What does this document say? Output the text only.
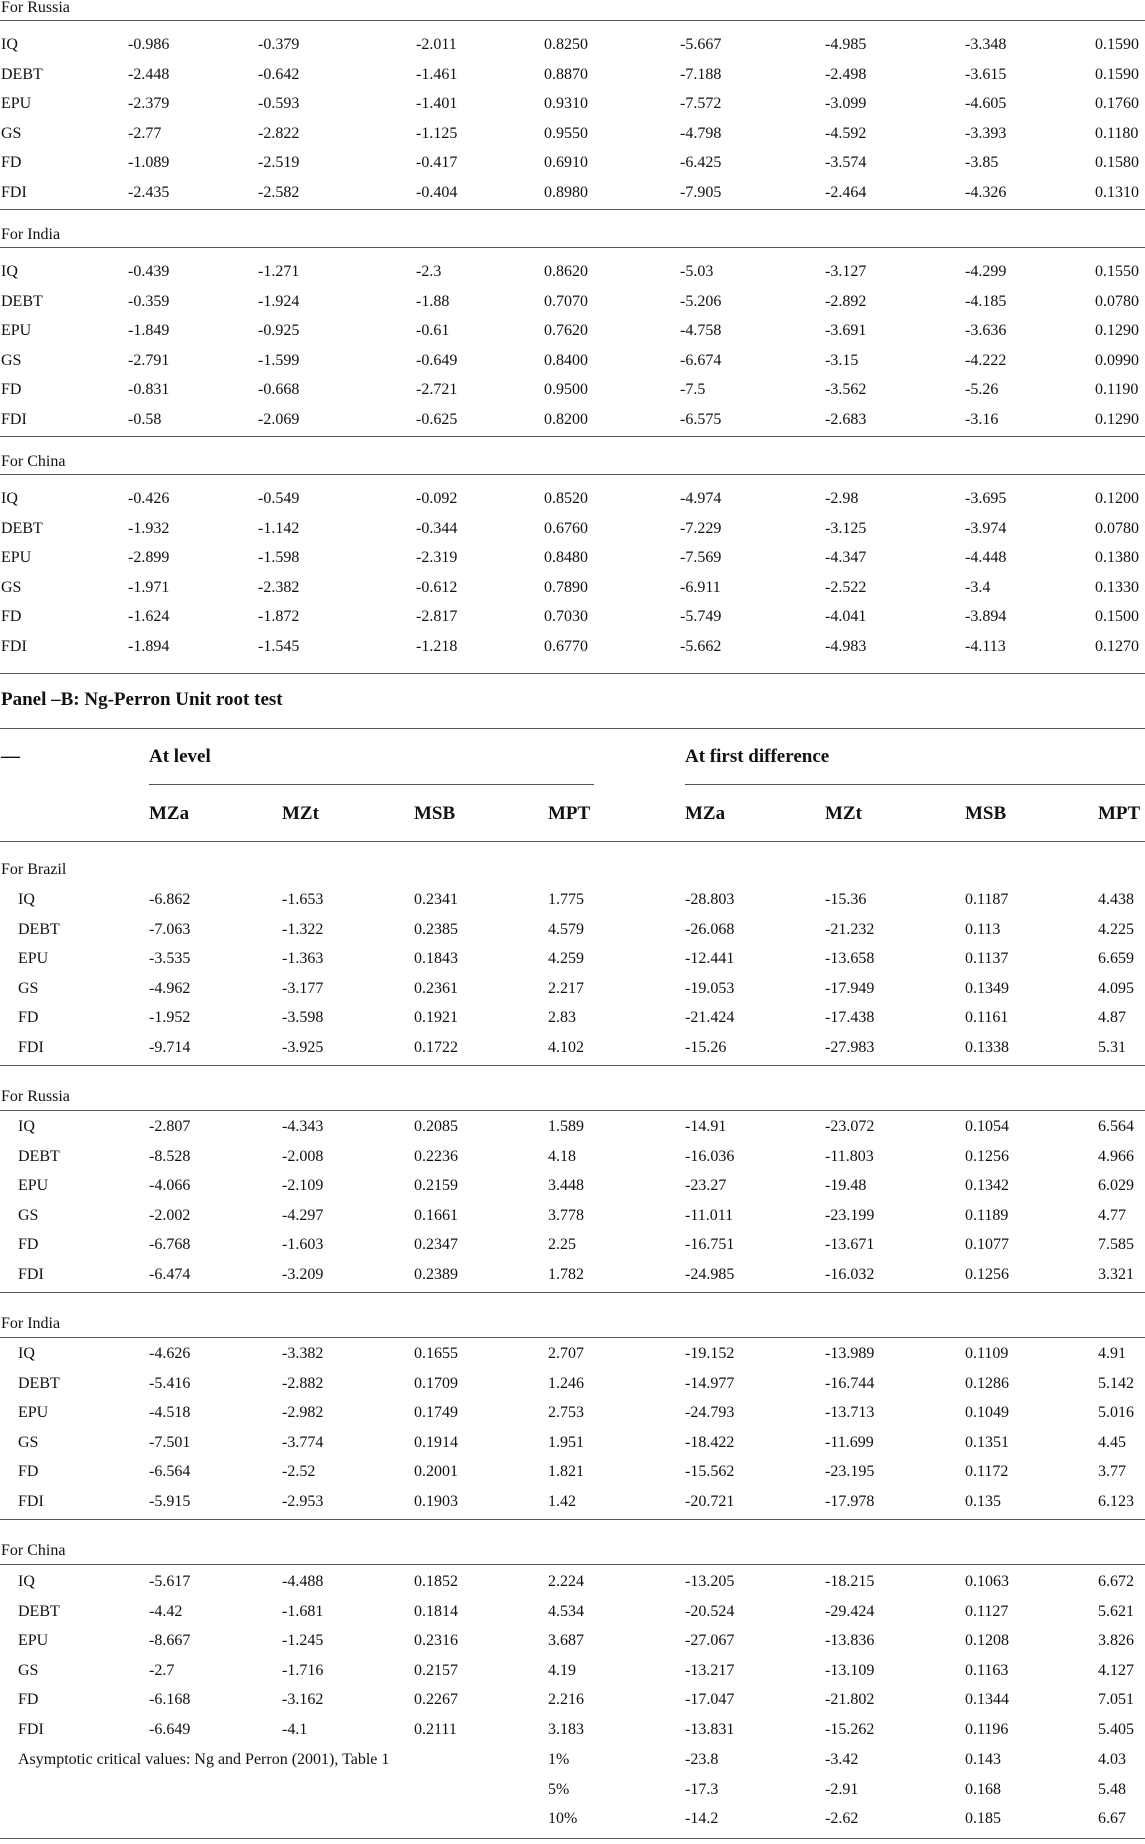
For Russia
IQ	-0.986	-0.379	-2.011	0.8250	-5.667	-4.985	-3.348	0.1590
DEBT	-2.448	-0.642	-1.461	0.8870	-7.188	-2.498	-3.615	0.1590
EPU	-2.379	-0.593	-1.401	0.9310	-7.572	-3.099	-4.605	0.1760
GS	-2.77	-2.822	-1.125	0.9550	-4.798	-4.592	-3.393	0.1180
FD	-1.089	-2.519	-0.417	0.6910	-6.425	-3.574	-3.85	0.1580
FDI	-2.435	-2.582	-0.404	0.8980	-7.905	-2.464	-4.326	0.1310
For India
IQ	-0.439	-1.271	-2.3	0.8620	-5.03	-3.127	-4.299	0.1550
DEBT	-0.359	-1.924	-1.88	0.7070	-5.206	-2.892	-4.185	0.0780
EPU	-1.849	-0.925	-0.61	0.7620	-4.758	-3.691	-3.636	0.1290
GS	-2.791	-1.599	-0.649	0.8400	-6.674	-3.15	-4.222	0.0990
FD	-0.831	-0.668	-2.721	0.9500	-7.5	-3.562	-5.26	0.1190
FDI	-0.58	-2.069	-0.625	0.8200	-6.575	-2.683	-3.16	0.1290
For China
IQ	-0.426	-0.549	-0.092	0.8520	-4.974	-2.98	-3.695	0.1200
DEBT	-1.932	-1.142	-0.344	0.6760	-7.229	-3.125	-3.974	0.0780
EPU	-2.899	-1.598	-2.319	0.8480	-7.569	-4.347	-4.448	0.1380
GS	-1.971	-2.382	-0.612	0.7890	-6.911	-2.522	-3.4	0.1330
FD	-1.624	-1.872	-2.817	0.7030	-5.749	-4.041	-3.894	0.1500
FDI	-1.894	-1.545	-1.218	0.6770	-5.662	-4.983	-4.113	0.1270
Panel –B: Ng-Perron Unit root test
—	At level	At first difference
MZa	MZt	MSB	MPT	MZa	MZt	MSB	MPT
For Brazil
IQ	-6.862	-1.653	0.2341	1.775	-28.803	-15.36	0.1187	4.438
DEBT	-7.063	-1.322	0.2385	4.579	-26.068	-21.232	0.113	4.225
EPU	-3.535	-1.363	0.1843	4.259	-12.441	-13.658	0.1137	6.659
GS	-4.962	-3.177	0.2361	2.217	-19.053	-17.949	0.1349	4.095
FD	-1.952	-3.598	0.1921	2.83	-21.424	-17.438	0.1161	4.87
FDI	-9.714	-3.925	0.1722	4.102	-15.26	-27.983	0.1338	5.31
For Russia
IQ	-2.807	-4.343	0.2085	1.589	-14.91	-23.072	0.1054	6.564
DEBT	-8.528	-2.008	0.2236	4.18	-16.036	-11.803	0.1256	4.966
EPU	-4.066	-2.109	0.2159	3.448	-23.27	-19.48	0.1342	6.029
GS	-2.002	-4.297	0.1661	3.778	-11.011	-23.199	0.1189	4.77
FD	-6.768	-1.603	0.2347	2.25	-16.751	-13.671	0.1077	7.585
FDI	-6.474	-3.209	0.2389	1.782	-24.985	-16.032	0.1256	3.321
For India
IQ	-4.626	-3.382	0.1655	2.707	-19.152	-13.989	0.1109	4.91
DEBT	-5.416	-2.882	0.1709	1.246	-14.977	-16.744	0.1286	5.142
EPU	-4.518	-2.982	0.1749	2.753	-24.793	-13.713	0.1049	5.016
GS	-7.501	-3.774	0.1914	1.951	-18.422	-11.699	0.1351	4.45
FD	-6.564	-2.52	0.2001	1.821	-15.562	-23.195	0.1172	3.77
FDI	-5.915	-2.953	0.1903	1.42	-20.721	-17.978	0.135	6.123
For China
IQ	-5.617	-4.488	0.1852	2.224	-13.205	-18.215	0.1063	6.672
DEBT	-4.42	-1.681	0.1814	4.534	-20.524	-29.424	0.1127	5.621
EPU	-8.667	-1.245	0.2316	3.687	-27.067	-13.836	0.1208	3.826
GS	-2.7	-1.716	0.2157	4.19	-13.217	-13.109	0.1163	4.127
FD	-6.168	-3.162	0.2267	2.216	-17.047	-21.802	0.1344	7.051
FDI	-6.649	-4.1	0.2111	3.183	-13.831	-15.262	0.1196	5.405
Asymptotic critical values: Ng and Perron (2001), Table 1	1%	-23.8	-3.42	0.143	4.03
5%	-17.3	-2.91	0.168	5.48
10%	-14.2	-2.62	0.185	6.67
